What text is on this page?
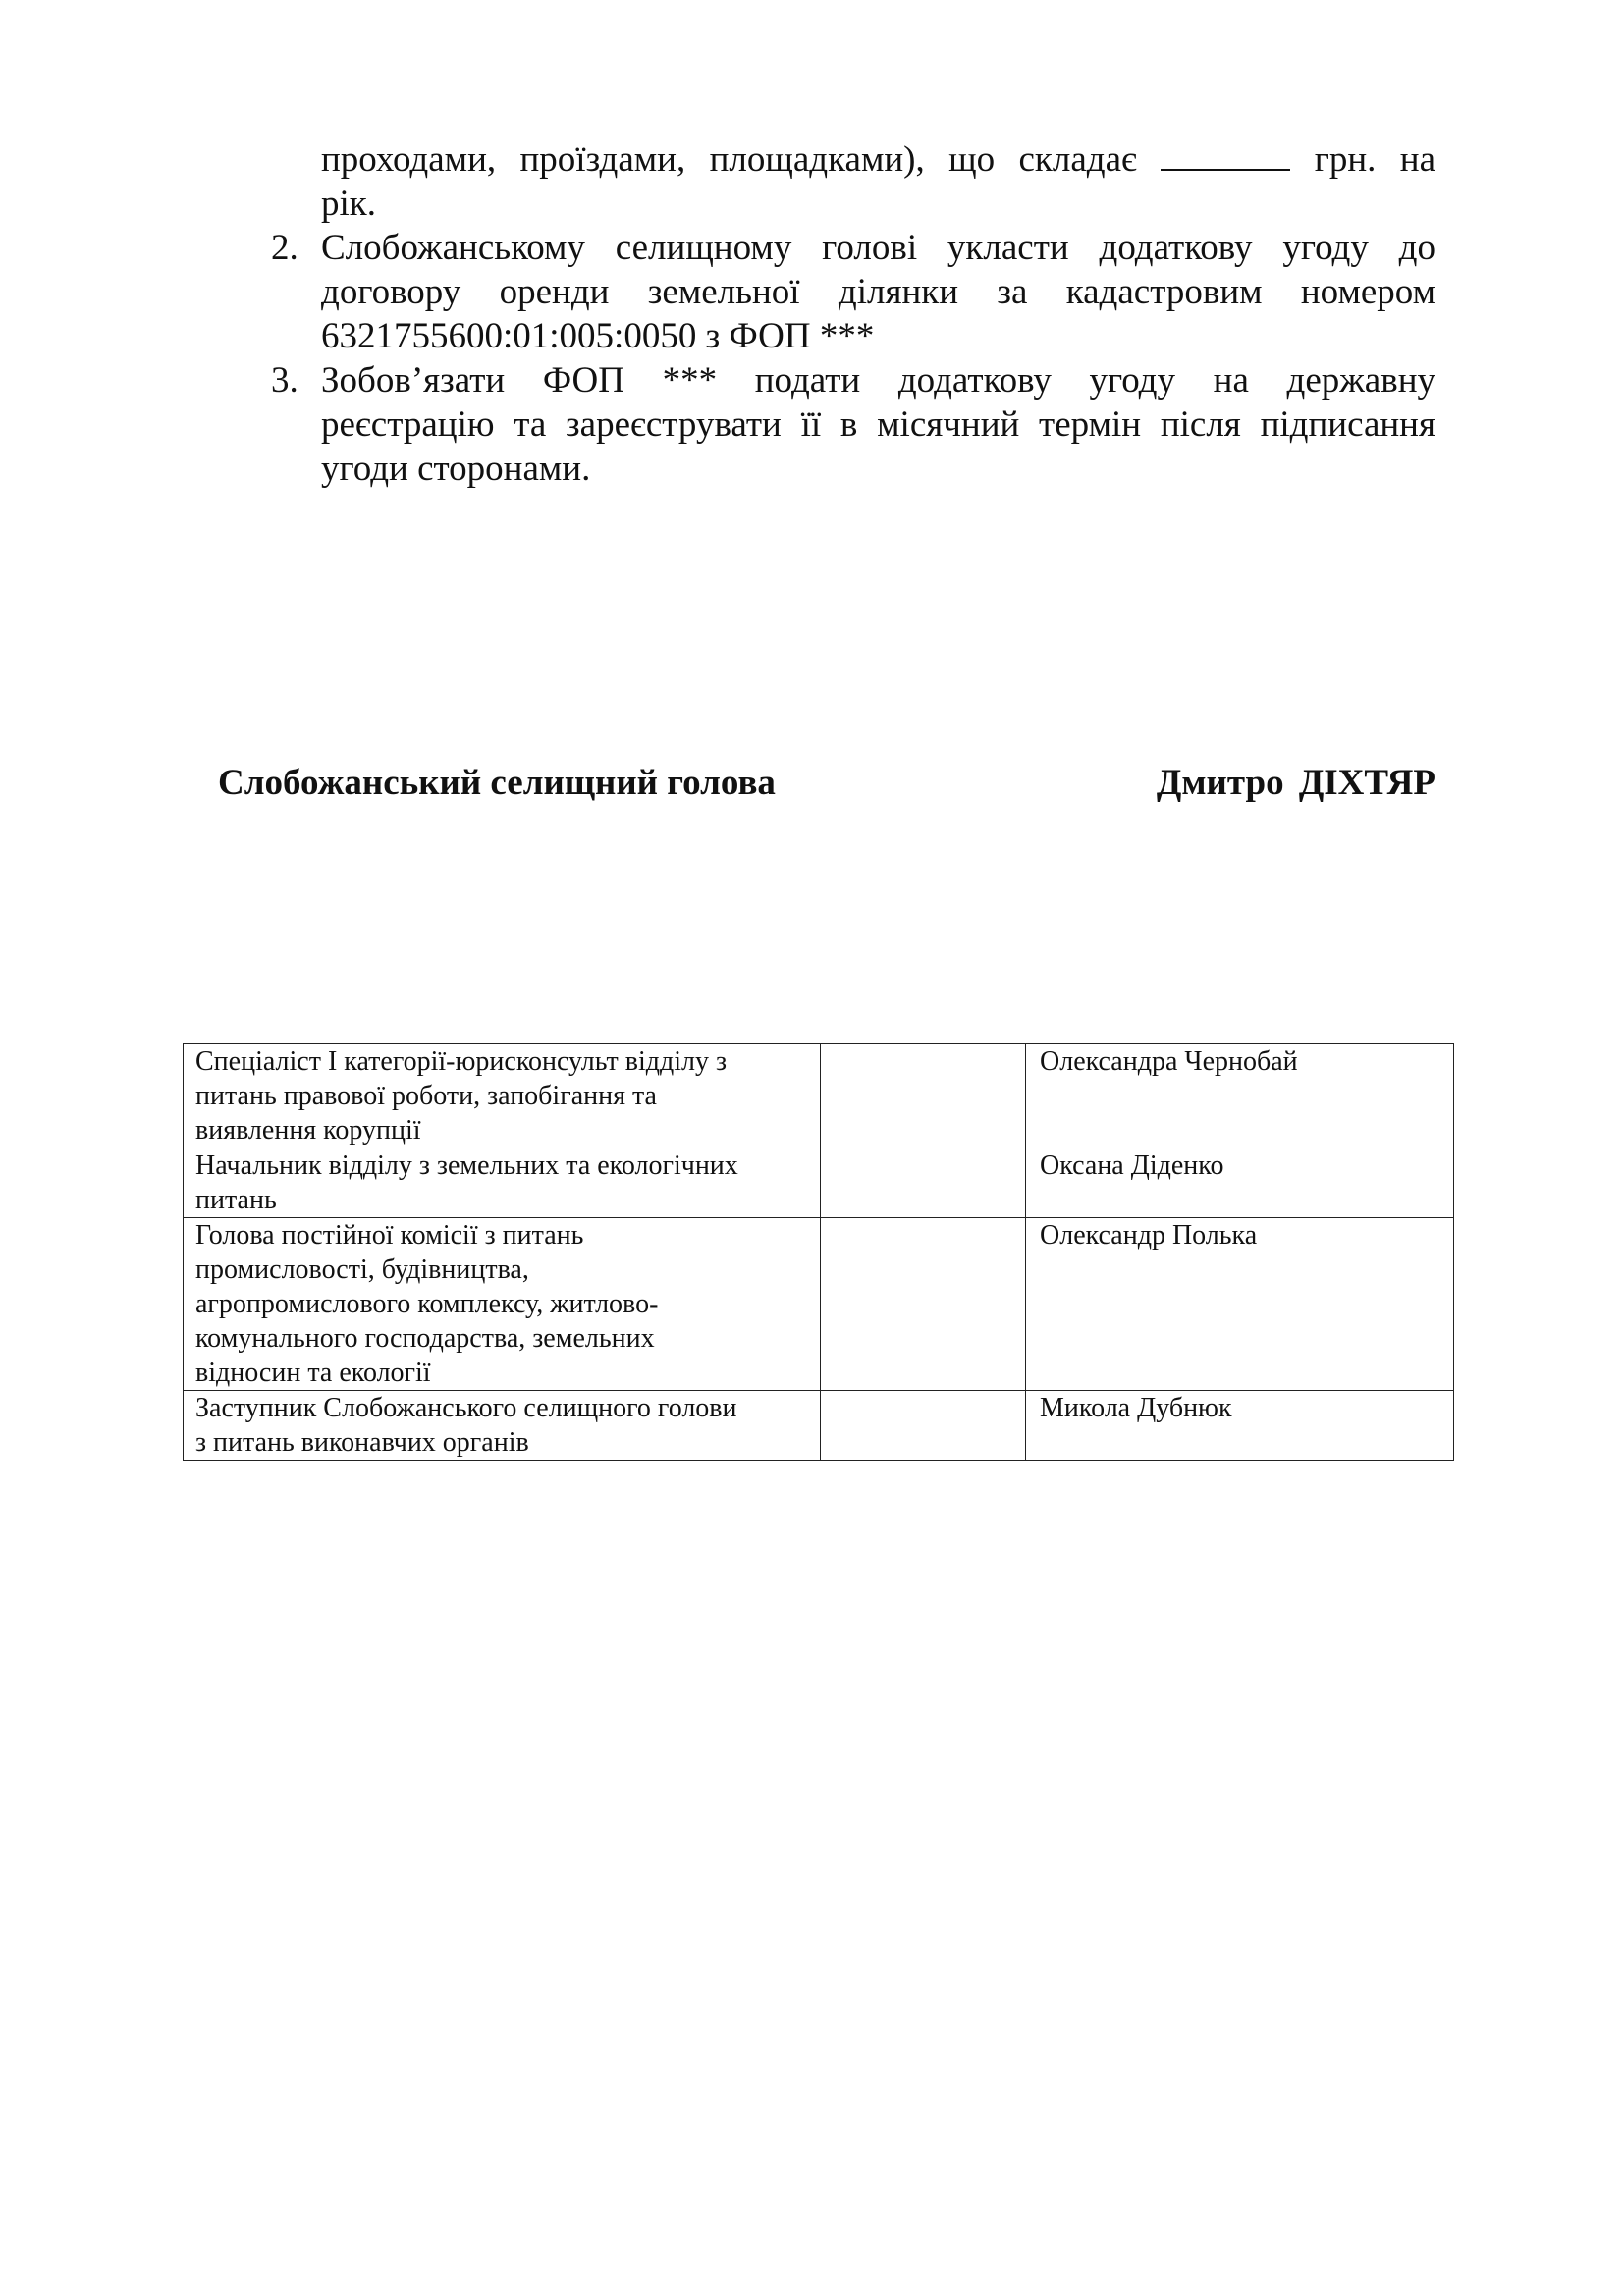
проходами, проїздами, площадками), що складає	грн. на
рік.
2. Слобожанському селищному голові укласти додаткову угоду до
договору оренди земельної ділянки за кадастровим номером
6321755600:01:005:0050 з ФОП ***
3. Зобов’язати ФОП *** подати додаткову угоду на державну
реєстрацію та зареєструвати її в місячний термін після підписання
угоди сторонами.
Слобожанський селищний голова	Дмитро ДІХТЯР
Спеціаліст І категорії-юрисконсульт відділу з
питань правової роботи, запобігання та
виявлення корупції		Олександра Чернобай

Начальник відділу з земельних та екологічних
питань		Оксана Діденко

Голова постійної комісії з питань
промисловості, будівництва,
агропромислового комплексу, житлово-
комунального господарства, земельних
відносин та екології		Олександр Полька

Заступник Слобожанського селищного голови
з питань виконавчих органів		Микола Дубнюк
